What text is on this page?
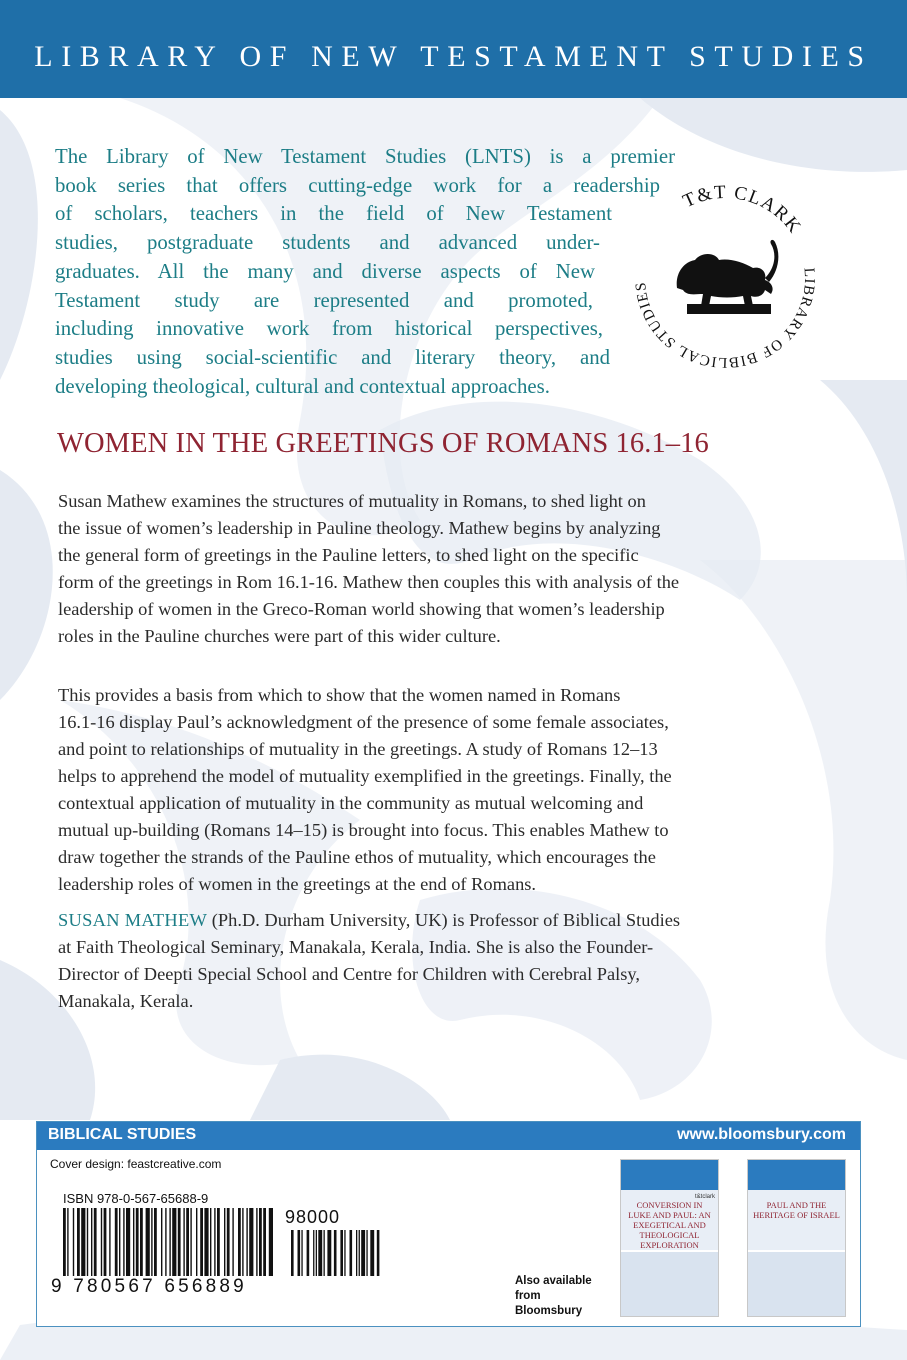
LIBRARY OF NEW TESTAMENT STUDIES
The Library of New Testament Studies (LNTS) is a premier
book series that offers cutting-edge work for a readership
of scholars, teachers in the field of New Testament
studies, postgraduate students and advanced under-
graduates. All the many and diverse aspects of New
Testament study are represented and promoted,
including innovative work from historical perspectives,
studies using social-scientific and literary theory, and
developing theological, cultural and contextual approaches.
T&T CLARK
LIBRARY OF BIBLICAL STUDIES
WOMEN IN THE GREETINGS OF ROMANS 16.1–16
Susan Mathew examines the structures of mutuality in Romans, to shed light on
the issue of women’s leadership in Pauline theology. Mathew begins by analyzing
the general form of greetings in the Pauline letters, to shed light on the specific
form of the greetings in Rom 16.1-16. Mathew then couples this with analysis of the
leadership of women in the Greco-Roman world showing that women’s leadership
roles in the Pauline churches were part of this wider culture.
This provides a basis from which to show that the women named in Romans
16.1-16 display Paul’s acknowledgment of the presence of some female associates,
and point to relationships of mutuality in the greetings. A study of Romans 12–13
helps to apprehend the model of mutuality exemplified in the greetings. Finally, the
contextual application of mutuality in the community as mutual welcoming and
mutual up-building (Romans 14–15) is brought into focus. This enables Mathew to
draw together the strands of the Pauline ethos of mutuality, which encourages the
leadership roles of women in the greetings at the end of Romans.
SUSAN MATHEW (Ph.D. Durham University, UK) is Professor of Biblical Studies
at Faith Theological Seminary, Manakala, Kerala, India. She is also the Founder-
Director of Deepti Special School and Centre for Children with Cerebral Palsy,
Manakala, Kerala.
BIBLICAL STUDIES	www.bloomsbury.com
Cover design: feastcreative.com
ISBN 978-0-567-65688-9
98000
9 780567 656889	Also available from Bloomsbury
t&tclark
CONVERSION IN LUKE AND PAUL: AN EXEGETICAL AND THEOLOGICAL EXPLORATION
PAUL AND THE HERITAGE OF ISRAEL
